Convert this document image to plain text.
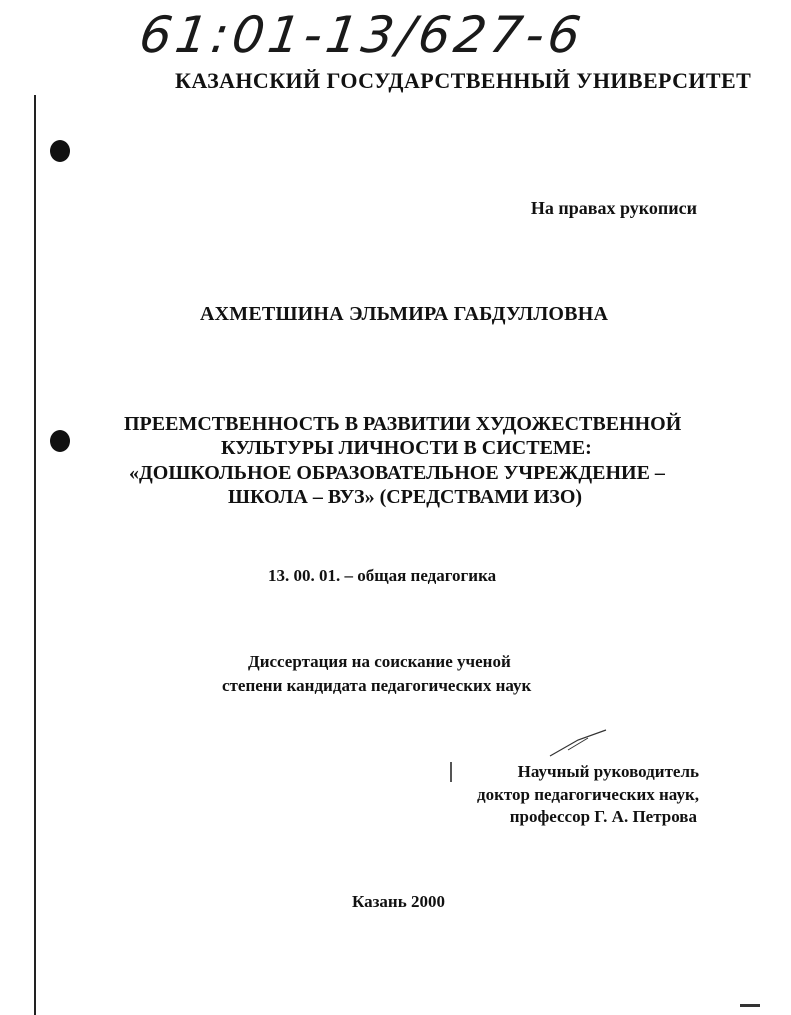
61:01-13/627-6
КАЗАНСКИЙ ГОСУДАРСТВЕННЫЙ УНИВЕРСИТЕТ
На правах рукописи
АХМЕТШИНА ЭЛЬМИРА ГАБДУЛЛОВНА
ПРЕЕМСТВЕННОСТЬ В РАЗВИТИИ ХУДОЖЕСТВЕННОЙ
КУЛЬТУРЫ ЛИЧНОСТИ В СИСТЕМЕ:
«ДОШКОЛЬНОЕ ОБРАЗОВАТЕЛЬНОЕ УЧРЕЖДЕНИЕ –
ШКОЛА – ВУЗ» (СРЕДСТВАМИ ИЗО)
13. 00. 01. – общая педагогика
Диссертация на соискание ученой
степени кандидата педагогических наук
Научный руководитель
доктор педагогических наук,
профессор Г. А. Петрова
Казань 2000
